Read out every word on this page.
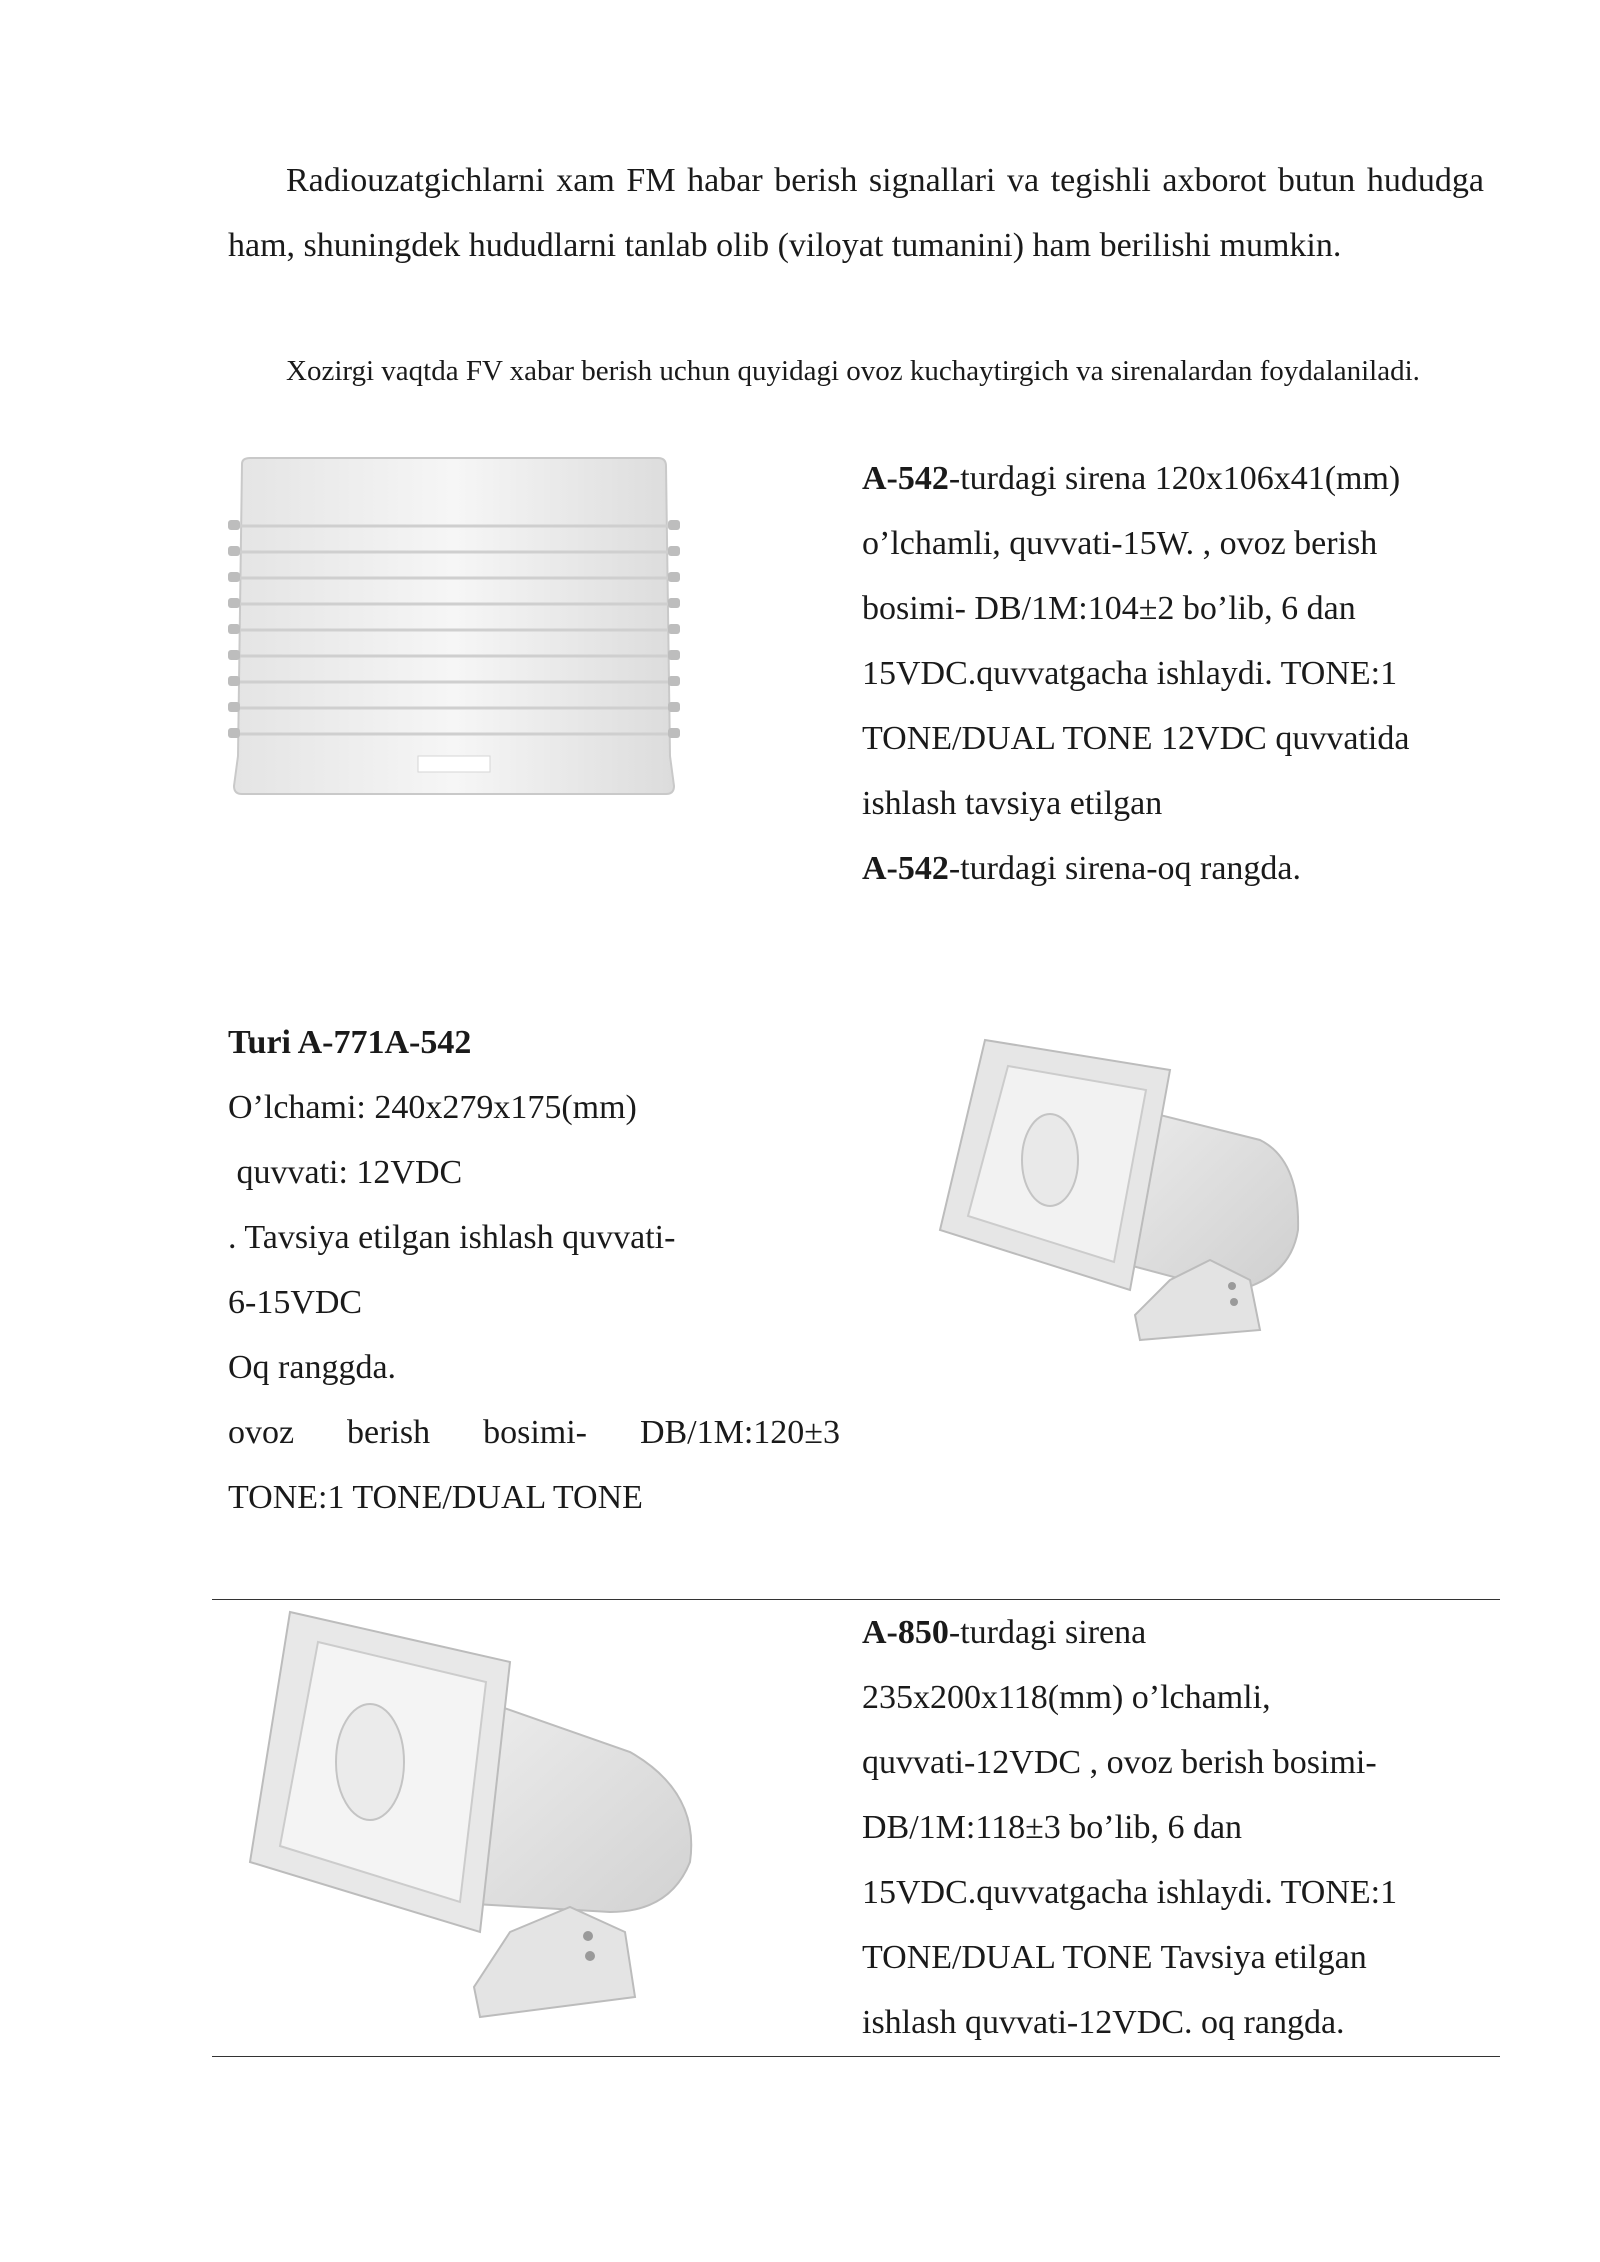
Radiouzatgichlarni xam FM habar berish signallari va tegishli axborot butun hududga ham, shuningdek hududlarni tanlab olib (viloyat tumanini) ham berilishi mumkin.

Xozirgi vaqtda FV xabar berish uchun quyidagi ovoz kuchaytirgich va sirenalardan foydalaniladi.

A-542-turdagi sirena 120x106x41(mm)
o’lchamli, quvvati-15W. , ovoz berish
bosimi- DB/1M:104±2 bo’lib, 6 dan
15VDC.quvvatgacha ishlaydi. TONE:1
TONE/DUAL TONE 12VDC quvvatida
ishlash tavsiya etilgan
A-542-turdagi sirena-oq rangda.
Turi A-771A-542
O’lchami: 240x279x175(mm)
quvvati: 12VDC
. Tavsiya etilgan ishlash quvvati-
6-15VDC
Oq ranggda.
ovoz berish bosimi- DB/1M:120±3
TONE:1 TONE/DUAL TONE
A-850-turdagi sirena
235x200x118(mm) o’lchamli,
quvvati-12VDC , ovoz berish bosimi-
DB/1M:118±3 bo’lib, 6 dan
15VDC.quvvatgacha ishlaydi. TONE:1
TONE/DUAL TONE Tavsiya etilgan
ishlash quvvati-12VDC. oq rangda.
